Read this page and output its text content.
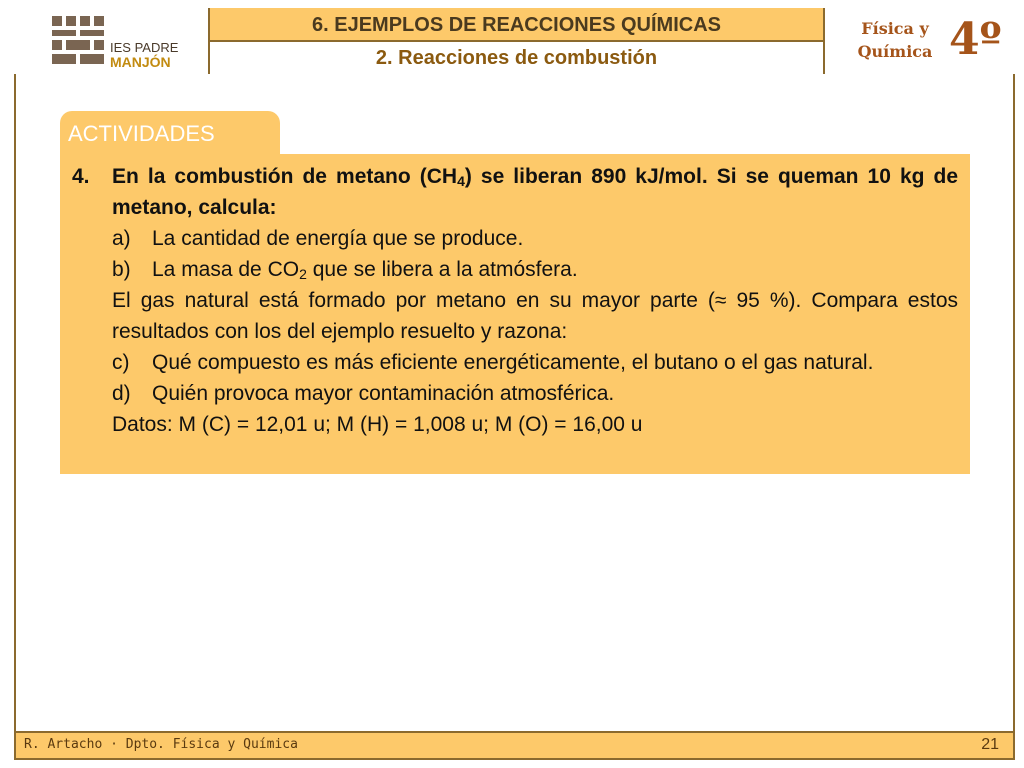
IES PADRE
MANJÓN
6. EJEMPLOS DE REACCIONES QUÍMICAS
2. Reacciones de combustión
Física y
Química 4º
ACTIVIDADES
4. En la combustión de metano $(CH_4)$ se liberan 890 kJ/mol. Si se queman 10 kg de metano, calcula:
a) La cantidad de energía que se produce.
b) La masa de $CO_2$ que se libera a la atmósfera.
El gas natural está formado por metano en su mayor parte (≈ 95 %). Compara estos resultados con los del ejemplo resuelto y razona:
c) Qué compuesto es más eficiente energéticamente, el butano o el gas natural.
d) Quién provoca mayor contaminación atmosférica.
Datos: M (C) = 12,01 u; M (H) = 1,008 u; M (O) = 16,00 u
R. Artacho · Dpto. Física y Química	21
